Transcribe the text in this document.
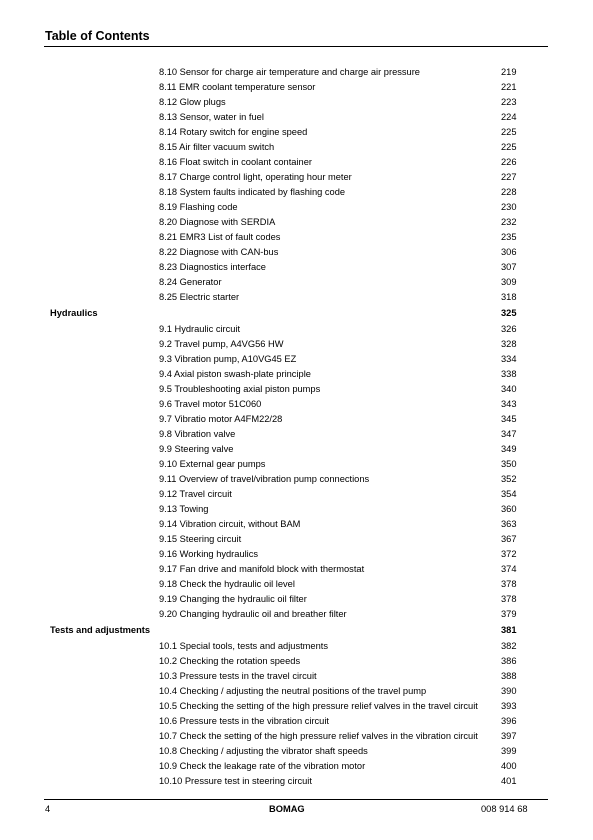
Table of Contents
8.10 Sensor for charge air temperature and charge air pressure	219
8.11 EMR coolant temperature sensor	221
8.12 Glow plugs	223
8.13 Sensor, water in fuel	224
8.14 Rotary switch for engine speed	225
8.15 Air filter vacuum switch	225
8.16 Float switch in coolant container	226
8.17 Charge control light, operating hour meter	227
8.18 System faults indicated by flashing code	228
8.19 Flashing code	230
8.20 Diagnose with SERDIA	232
8.21 EMR3 List of fault codes	235
8.22 Diagnose with CAN-bus	306
8.23 Diagnostics interface	307
8.24 Generator	309
8.25 Electric starter	318
Hydraulics	325
9.1 Hydraulic circuit	326
9.2 Travel pump, A4VG56 HW	328
9.3 Vibration pump, A10VG45 EZ	334
9.4 Axial piston swash-plate principle	338
9.5 Troubleshooting axial piston pumps	340
9.6 Travel motor 51C060	343
9.7 Vibratio motor A4FM22/28	345
9.8 Vibration valve	347
9.9 Steering valve	349
9.10 External gear pumps	350
9.11 Overview of travel/vibration pump connections	352
9.12 Travel circuit	354
9.13 Towing	360
9.14 Vibration circuit, without BAM	363
9.15 Steering circuit	367
9.16 Working hydraulics	372
9.17 Fan drive and manifold block with thermostat	374
9.18 Check the hydraulic oil level	378
9.19 Changing the hydraulic oil filter	378
9.20 Changing hydraulic oil and breather filter	379
Tests and adjustments	381
10.1 Special tools, tests and adjustments	382
10.2 Checking the rotation speeds	386
10.3 Pressure tests in the travel circuit	388
10.4 Checking / adjusting the neutral positions of the travel pump	390
10.5 Checking the setting of the high pressure relief valves in the travel circuit 393
10.6 Pressure tests in the vibration circuit	396
10.7 Check the setting of the high pressure relief valves in the vibration circuit 397
10.8 Checking / adjusting the vibrator shaft speeds	399
10.9 Check the leakage rate of the vibration motor	400
10.10 Pressure test in steering circuit	401
4	BOMAG	008 914 68
